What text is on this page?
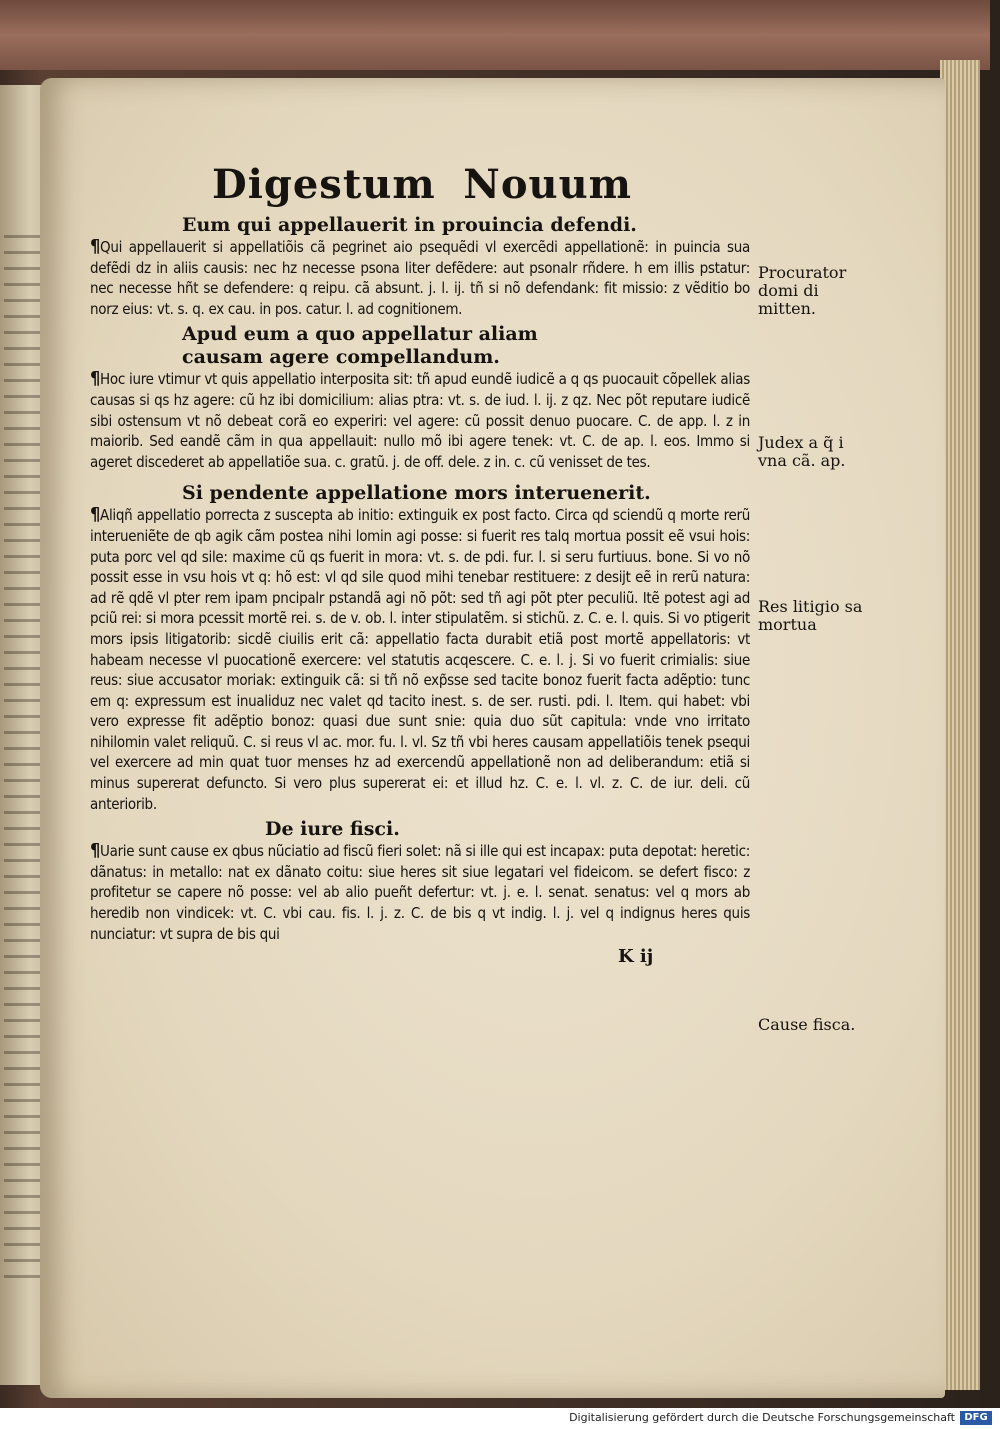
Digestum Nouum
Eum qui appellauerit in prouincia defendi.

¶Qui appellauerit si appellatiõis cã pegrinet aio psequẽdi vl exercẽdi appellationẽ: in puincia sua defẽdi dz in aliis causis: nec hz necesse psona liter defẽdere: aut psonalr rñdere. h em illis pstatur: nec necesse hñt se defendere: q reipu. cã absunt. j. l. ij. tñ si nõ defendank: fit missio: z vẽditio bo norz eius: vt. s. q. ex cau. in pos. catur. l. ad cognitionem.

Apud eum a quo appellatur aliam causam agere compellandum.

¶Hoc iure vtimur vt quis appellatio interposita sit: tñ apud eundẽ iudicẽ a q qs puocauit cõpellek alias causas si qs hz agere: cũ hz ibi domicilium: alias ptra: vt. s. de iud. l. ij. z qz. Nec põt reputare iudicẽ sibi ostensum vt nõ debeat corã eo experiri: vel agere: cũ possit denuo puocare. C. de app. l. z in maiorib. Sed eandẽ cãm in qua appellauit: nullo mõ ibi agere tenek: vt. C. de ap. l. eos. Immo si ageret discederet ab appellatiõe sua. c. gratũ. j. de off. dele. z in. c. cũ venisset de tes.

Si pendente appellatione mors interuenerit.

¶Aliqñ appellatio porrecta z suscepta ab initio: extinguik ex post facto. Circa qd sciendũ q morte rerũ interueniẽte de qb agik cãm postea nihi lomin agi posse: si fuerit res talq mortua possit eẽ vsui hois: puta porc vel qd sile: maxime cũ qs fuerit in mora: vt. s. de pdi. fur. l. si seru furtiuus. bone. Si vo nõ possit esse in vsu hois vt q: hõ est: vl qd sile quod mihi tenebar restituere: z desijt eẽ in rerũ natura: ad rẽ qdẽ vl pter rem ipam pncipalr pstandã agi nõ põt: sed tñ agi põt pter peculiũ. Itẽ potest agi ad pciũ rei: si mora pcessit mortẽ rei. s. de v. ob. l. inter stipulatẽm. si stichũ. z. C. e. l. quis. Si vo ptigerit mors ipsis litigatorib: sicdẽ ciuilis erit cã: appellatio facta durabit etiã post mortẽ appellatoris: vt habeam necesse vl puocationẽ exercere: vel statutis acqescere. C. e. l. j. Si vo fuerit crimialis: siue reus: siue accusator moriak: extinguik cã: si tñ nõ exp̃sse sed tacite bonoz fuerit facta adẽptio: tunc em q: expressum est inualiduz nec valet qd tacito inest. s. de ser. rusti. pdi. l. Item. qui habet: vbi vero expresse fit adẽptio bonoz: quasi due sunt snie: quia duo sũt capitula: vnde vno irritato nihilomin valet reliquũ. C. si reus vl ac. mor. fu. l. vl. Sz tñ vbi heres causam appellatiõis tenek psequi vel exercere ad min quat tuor menses hz ad exercendũ appellationẽ non ad deliberandum: etiã si minus supererat defuncto. Si vero plus supererat ei: et illud hz. C. e. l. vl. z. C. de iur. deli. cũ anteriorib.

De iure fisci.

¶Uarie sunt cause ex qbus nũciatio ad fiscũ fieri solet: nã si ille qui est incapax: puta depotat: heretic: dãnatus: in metallo: nat ex dãnato coitu: siue heres sit siue legatari vel fideicom. se defert fisco: z profitetur se capere nõ posse: vel ab alio pueñt defertur: vt. j. e. l. senat. senatus: vel q mors ab heredib non vindicek: vt. C. vbi cau. fis. l. j. z. C. de bis q vt indig. l. j. vel q indignus heres quis nunciatur: vt supra de bis qui

K ij
Procurator domi di mitten.
Judex a q̃ i vna cã. ap.
Res litigio sa mortua
Cause fisca.
Digitalisierung gefördert durch die Deutsche Forschungsgemeinschaft DFG
